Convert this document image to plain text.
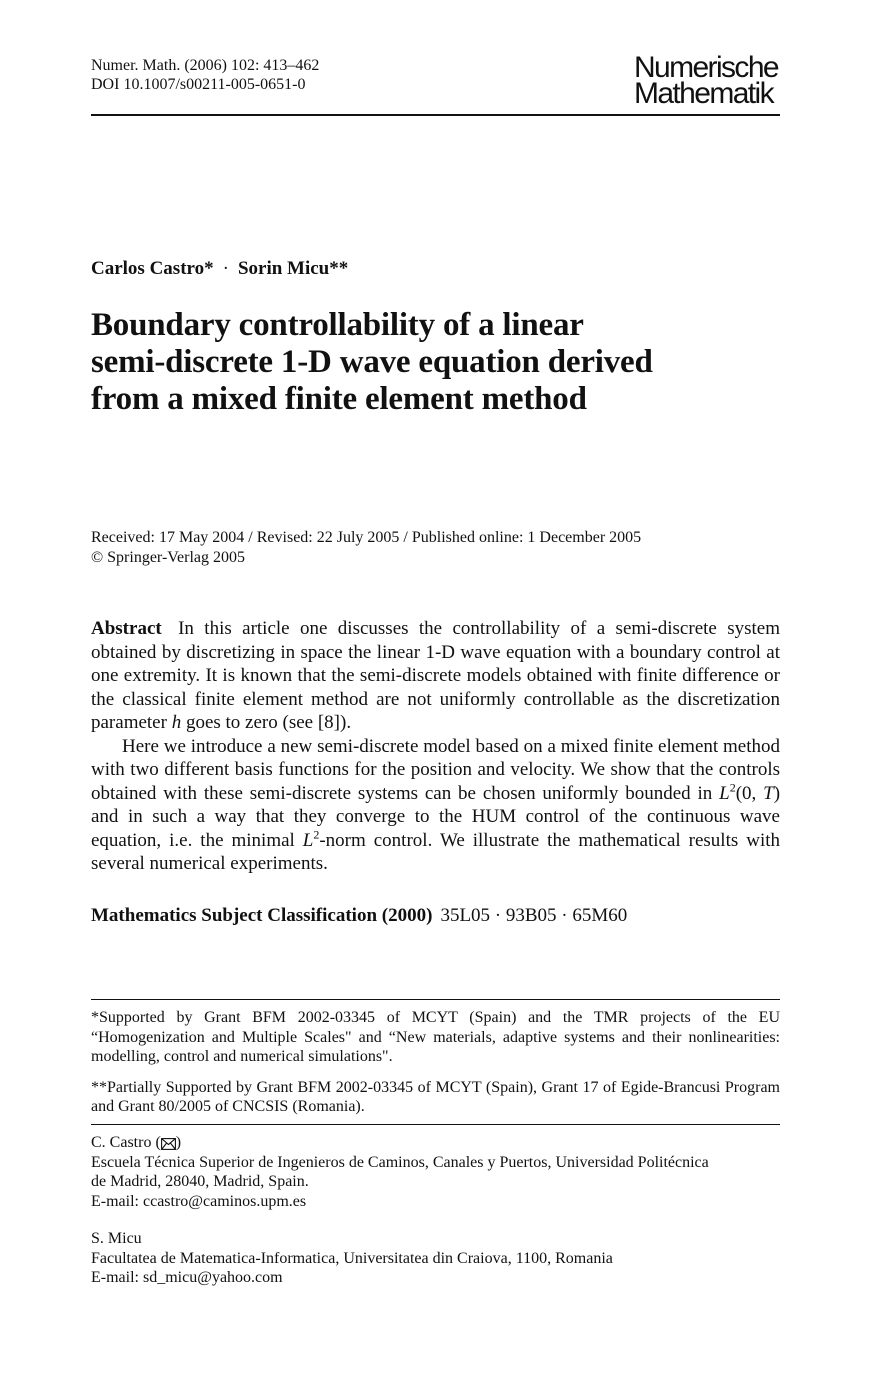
Numer. Math. (2006) 102: 413–462
DOI 10.1007/s00211-005-0651-0
Numerische
Mathematik
Carlos Castro* · Sorin Micu**
Boundary controllability of a linear
semi-discrete 1-D wave equation derived
from a mixed finite element method
Received: 17 May 2004 / Revised: 22 July 2005 / Published online: 1 December 2005
© Springer-Verlag 2005

Abstract In this article one discusses the controllability of a semi-discrete system obtained by discretizing in space the linear 1-D wave equation with a boundary control at one extremity. It is known that the semi-discrete models obtained with finite difference or the classical finite element method are not uniformly controllable as the discretization parameter h goes to zero (see [8]).

Here we introduce a new semi-discrete model based on a mixed finite element method with two different basis functions for the position and velocity. We show that the controls obtained with these semi-discrete systems can be chosen uniformly bounded in $L^2(0$, T) and in such a way that they converge to the HUM control of the continuous wave equation, i.e. the minimal $L^2$-norm control. We illustrate the mathematical results with several numerical experiments.

Mathematics Subject Classification (2000) 35L05 · 93B05 · 65M60

*Supported by Grant BFM 2002-03345 of MCYT (Spain) and the TMR projects of the EU “Homogenization and Multiple Scales" and “New materials, adaptive systems and their nonlinearities: modelling, control and numerical simulations".

**Partially Supported by Grant BFM 2002-03345 of MCYT (Spain), Grant 17 of Egide-Brancusi Program and Grant 80/2005 of CNCSIS (Romania).

C. Castro ( )
Escuela Técnica Superior de Ingenieros de Caminos, Canales y Puertos, Universidad Politécnica
de Madrid, 28040, Madrid, Spain.
E-mail: ccastro@caminos.upm.es
S. Micu
Facultatea de Matematica-Informatica, Universitatea din Craiova, 1100, Romania
E-mail: sd_micu@yahoo.com
